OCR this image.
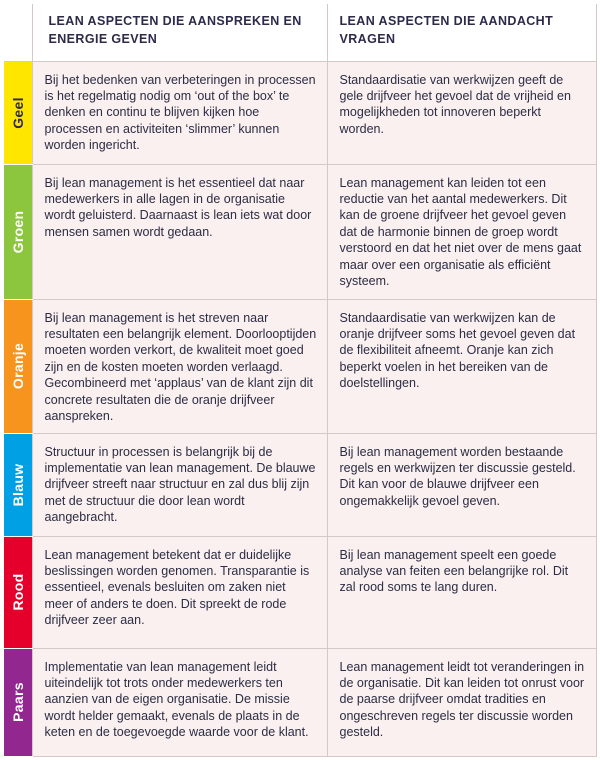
	LEAN ASPECTEN DIE AANSPREKEN EN ENERGIE GEVEN	LEAN ASPECTEN DIE AANDACHT VRAGEN

Geel	Bij het bedenken van verbeteringen in processen is het regelmatig nodig om ‘out of the box’ te denken en continu te blijven kijken hoe processen en activiteiten ‘slimmer’ kunnen worden ingericht.	Standaardisatie van werkwijzen geeft de gele drijfveer het gevoel dat de vrijheid en mogelijkheden tot innoveren beperkt worden.

Groen	Bij lean management is het essentieel dat naar medewerkers in alle lagen in de organisatie wordt geluisterd. Daarnaast is lean iets wat door mensen samen wordt gedaan.	Lean management kan leiden tot een reductie van het aantal medewerkers. Dit kan de groene drijfveer het gevoel geven dat de harmonie binnen de groep wordt verstoord en dat het niet over de mens gaat maar over een organisatie als efficiënt systeem.

Oranje	Bij lean management is het streven naar resultaten een belangrijk element. Doorlooptijden moeten worden verkort, de kwaliteit moet goed zijn en de kosten moeten worden verlaagd. Gecombineerd met ‘applaus’ van de klant zijn dit concrete resultaten die de oranje drijfveer aanspreken.	Standaardisatie van werkwijzen kan de oranje drijfveer soms het gevoel geven dat de flexibiliteit afneemt. Oranje kan zich beperkt voelen in het bereiken van de doelstellingen.

Blauw	Structuur in processen is belangrijk bij de implementatie van lean management. De blauwe drijfveer streeft naar structuur en zal dus blij zijn met de structuur die door lean wordt aangebracht.	Bij lean management worden bestaande regels en werkwijzen ter discussie gesteld. Dit kan voor de blauwe drijfveer een ongemakkelijk gevoel geven.

Rood	Lean management betekent dat er duidelijke beslissingen worden genomen. Transparantie is essentieel, evenals besluiten om zaken niet meer of anders te doen. Dit spreekt de rode drijfveer zeer aan.	Bij lean management speelt een goede analyse van feiten een belangrijke rol. Dit zal rood soms te lang duren.

Paars	Implementatie van lean management leidt uiteindelijk tot trots onder medewerkers ten aanzien van de eigen organisatie. De missie wordt helder gemaakt, evenals de plaats in de keten en de toegevoegde waarde voor de klant.	Lean management leidt tot veranderingen in de organisatie. Dit kan leiden tot onrust voor de paarse drijfveer omdat tradities en ongeschreven regels ter discussie worden gesteld.
